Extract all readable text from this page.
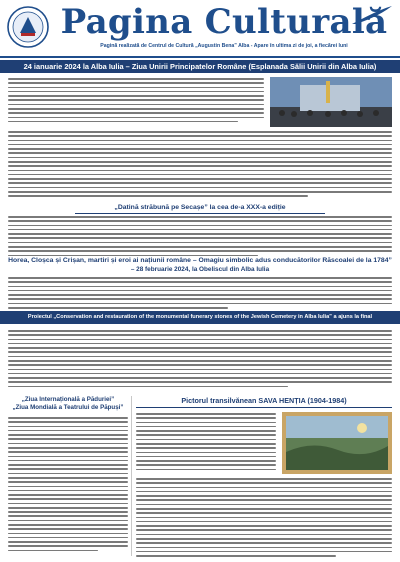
Pagina Culturală
Pagină realizată de Centrul de Cultură „Augustin Bena” Alba - Apare în ultima zi de joi, a fiecărei luni
24 ianuarie 2024 la Alba Iulia – Ziua Unirii Principatelor Române (Esplanada Sălii Unirii din Alba Iulia)
„Datină străbună pe Secașe” la cea de-a XXX-a ediție
Horea, Cloșca și Crișan, martiri și eroi ai națiunii române – Omagiu simbolic adus conducătorilor Răscoalei de la 1784”
– 28 februarie 2024, la Obeliscul din Alba Iulia
Proiectul „Conservation and restauration of the monumental funerary stones of the Jewish Cemetery in Alba Iulia” a ajuns la final
„Ziua Internațională a Păduriei”
„Ziua Mondială a Teatrului de Păpuși”
Pictorul transilvănean SAVA HENȚIA (1904-1984)
